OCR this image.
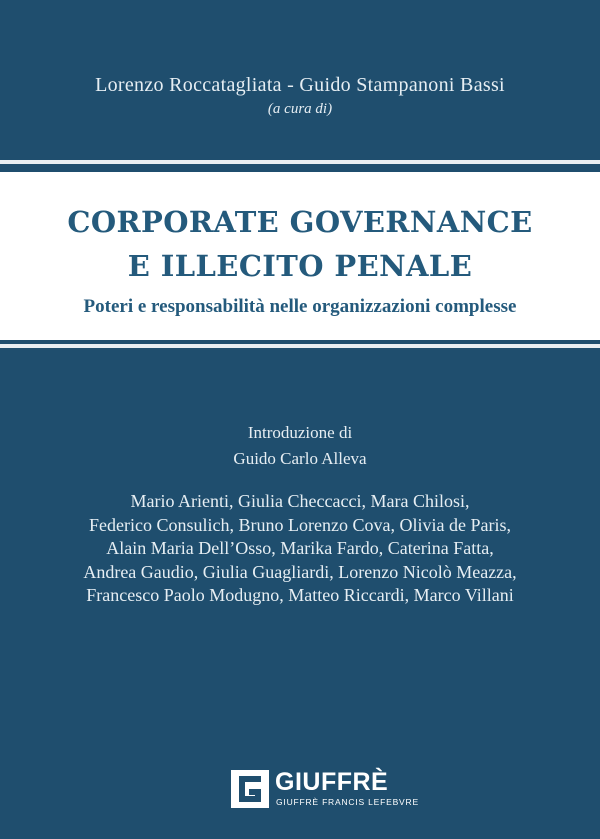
Lorenzo Roccatagliata - Guido Stampanoni Bassi
(a cura di)
CORPORATE GOVERNANCE
E ILLECITO PENALE
Poteri e responsabilità nelle organizzazioni complesse
Introduzione di
Guido Carlo Alleva
Mario Arienti, Giulia Checcacci, Mara Chilosi,
Federico Consulich, Bruno Lorenzo Cova, Olivia de Paris,
Alain Maria Dell’Osso, Marika Fardo, Caterina Fatta,
Andrea Gaudio, Giulia Guagliardi, Lorenzo Nicolò Meazza,
Francesco Paolo Modugno, Matteo Riccardi, Marco Villani
GIUFFRÈ
GIUFFRÈ FRANCIS LEFEBVRE
